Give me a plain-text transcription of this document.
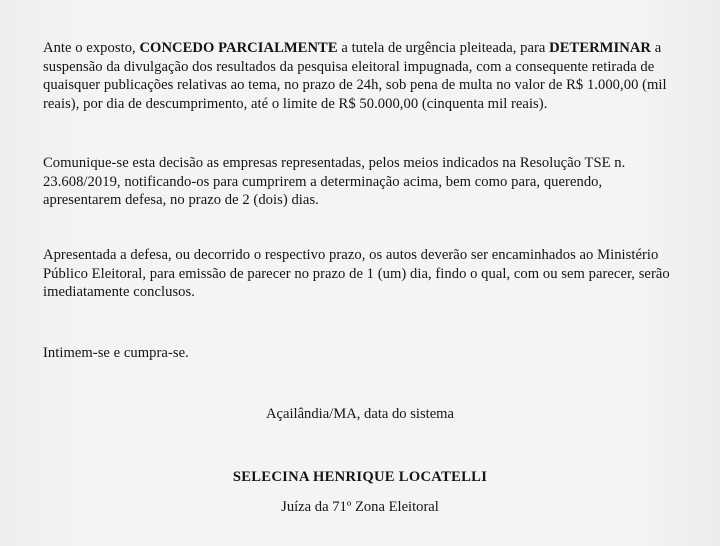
Ante o exposto, CONCEDO PARCIALMENTE a tutela de urgência pleiteada, para DETERMINAR a suspensão da divulgação dos resultados da pesquisa eleitoral impugnada, com a consequente retirada de quaisquer publicações relativas ao tema, no prazo de 24h, sob pena de multa no valor de R$ 1.000,00 (mil reais), por dia de descumprimento, até o limite de R$ 50.000,00 (cinquenta mil reais).

Comunique-se esta decisão as empresas representadas, pelos meios indicados na Resolução TSE n. 23.608/2019, notificando-os para cumprirem a determinação acima, bem como para, querendo, apresentarem defesa, no prazo de 2 (dois) dias.

Apresentada a defesa, ou decorrido o respectivo prazo, os autos deverão ser encaminhados ao Ministério Público Eleitoral, para emissão de parecer no prazo de 1 (um) dia, findo o qual, com ou sem parecer, serão imediatamente conclusos.

Intimem-se e cumpra-se.

Açailândia/MA, data do sistema

SELECINA HENRIQUE LOCATELLI

Juíza da 71º Zona Eleitoral
